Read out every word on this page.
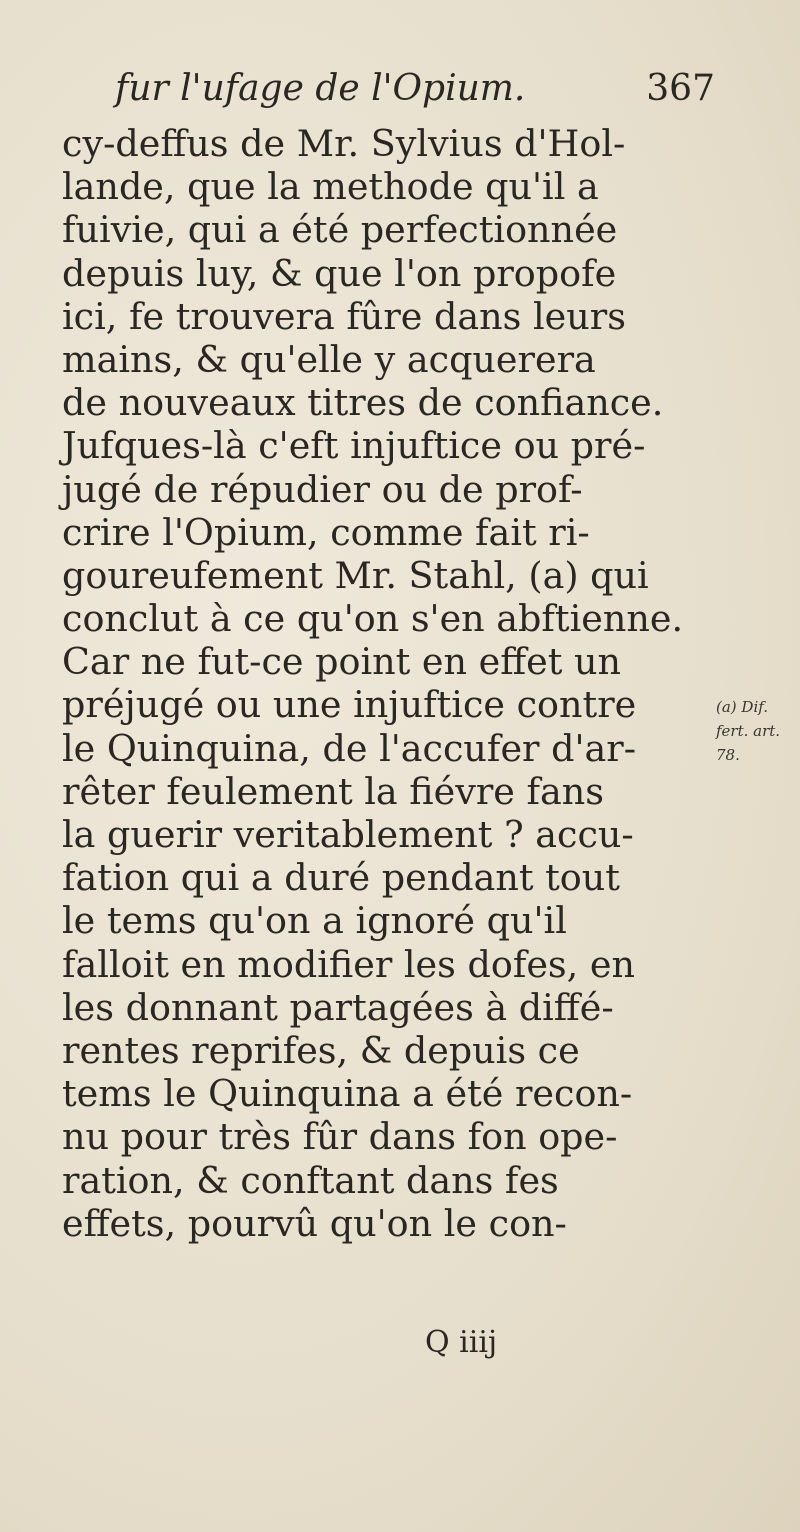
fur l'ufage de l'Opium.	367
cy-deffus de Mr. Sylvius d'Hol-
lande, que la methode qu'il a
fuivie, qui a été perfectionnée
depuis luy, & que l'on propofe
ici, fe trouvera fûre dans leurs
mains, & qu'elle y acquerera
de nouveaux titres de confiance.
Jufques-là c'eft injuftice ou pré-
jugé de répudier ou de prof-
crire l'Opium, comme fait ri-
goureufement Mr. Stahl, (a) qui
conclut à ce qu'on s'en abftienne.
Car ne fut-ce point en effet un
préjugé ou une injuftice contre
le Quinquina, de l'accufer d'ar-
rêter feulement la fiévre fans
la guerir veritablement ? accu-
fation qui a duré pendant tout
le tems qu'on a ignoré qu'il
falloit en modifier les dofes, en
les donnant partagées à diffé-
rentes reprifes, & depuis ce
tems le Quinquina a été recon-
nu pour très fûr dans fon ope-
ration, & conftant dans fes
effets, pourvû qu'on le con-
(a) Dif.
fert. art.
78.
Q iiij
